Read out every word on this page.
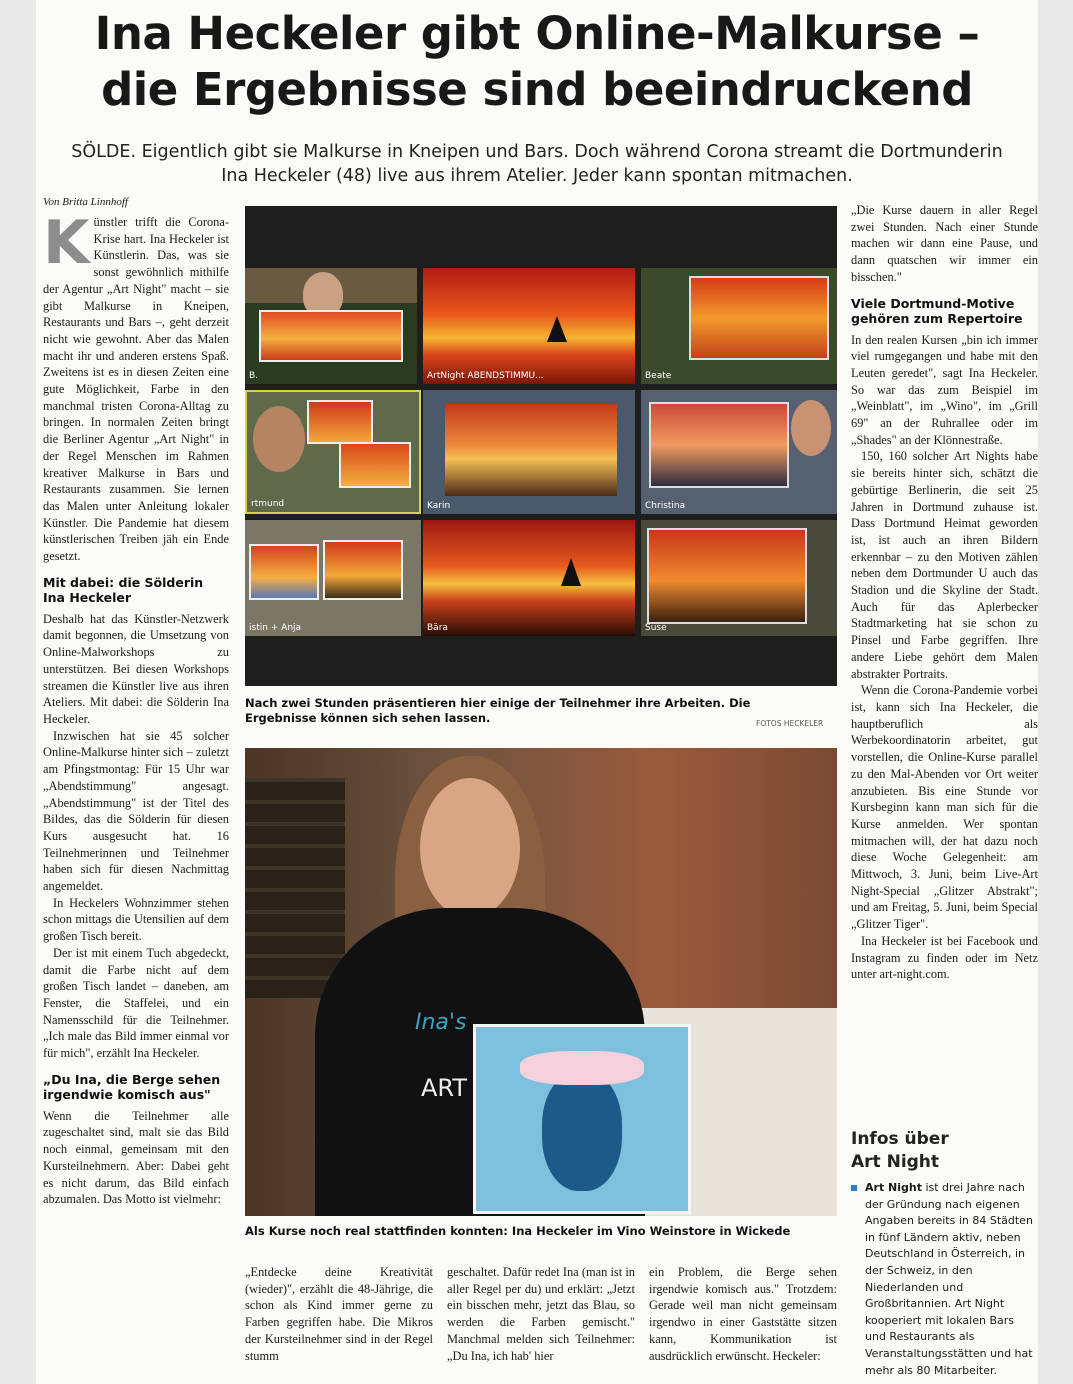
Ina Heckeler gibt Online-Malkurse –
die Ergebnisse sind beeindruckend
SÖLDE. Eigentlich gibt sie Malkurse in Kneipen und Bars. Doch während Corona streamt die Dortmunderin
Ina Heckeler (48) live aus ihrem Atelier. Jeder kann spontan mitmachen.
Von Britta Linnhoff

Künstler trifft die Corona-Krise hart. Ina Heckeler ist Künstlerin. Das, was sie sonst gewöhnlich mithilfe der Agentur „Art Night" macht – sie gibt Malkurse in Kneipen, Restaurants und Bars –, geht derzeit nicht wie gewohnt. Aber das Malen macht ihr und anderen erstens Spaß. Zweitens ist es in diesen Zeiten eine gute Möglichkeit, Farbe in den manchmal tristen Corona-Alltag zu bringen. In normalen Zeiten bringt die Berliner Agentur „Art Night" in der Regel Menschen im Rahmen kreativer Malkurse in Bars und Restaurants zusammen. Sie lernen das Malen unter Anleitung lokaler Künstler. Die Pandemie hat diesem künstlerischen Treiben jäh ein Ende gesetzt.

Mit dabei: die Sölderin Ina Heckeler

Deshalb hat das Künstler-Netzwerk damit begonnen, die Umsetzung von Online-Malworkshops zu unterstützen. Bei diesen Workshops streamen die Künstler live aus ihren Ateliers. Mit dabei: die Sölderin Ina Heckeler.

Inzwischen hat sie 45 solcher Online-Malkurse hinter sich – zuletzt am Pfingstmontag: Für 15 Uhr war „Abendstimmung" angesagt. „Abendstimmung" ist der Titel des Bildes, das die Sölderin für diesen Kurs ausgesucht hat. 16 Teilnehmerinnen und Teilnehmer haben sich für diesen Nachmittag angemeldet.

In Heckelers Wohnzimmer stehen schon mittags die Utensilien auf dem großen Tisch bereit.

Der ist mit einem Tuch abgedeckt, damit die Farbe nicht auf dem großen Tisch landet – daneben, am Fenster, die Staffelei, und ein Namensschild für die Teilnehmer. „Ich male das Bild immer einmal vor für mich", erzählt Ina Heckeler.

„Du Ina, die Berge sehen irgendwie komisch aus"

Wenn die Teilnehmer alle zugeschaltet sind, malt sie das Bild noch einmal, gemeinsam mit den Kursteilnehmern. Aber: Dabei geht es nicht darum, das Bild einfach abzumalen. Das Motto ist vielmehr:

B.	ArtNight ABENDSTIMMU...	Beate
rtmund	Karin	Christina
istin + Anja	Bära	Suse
Nach zwei Stunden präsentieren hier einige der Teilnehmer ihre Arbeiten. Die Ergebnisse können sich sehen lassen.	FOTOS HECKELER
Ina's
ART
Als Kurse noch real stattfinden konnten: Ina Heckeler im Vino Weinstore in Wickede
„Entdecke deine Kreativität (wieder)", erzählt die 48-Jährige, die schon als Kind immer gerne zu Farben gegriffen habe. Die Mikros der Kursteilnehmer sind in der Regel stumm
geschaltet. Dafür redet Ina (man ist in aller Regel per du) und erklärt: „Jetzt ein bisschen mehr, jetzt das Blau, so werden die Farben gemischt." Manchmal melden sich Teilnehmer: „Du Ina, ich hab' hier
ein Problem, die Berge sehen irgendwie komisch aus." Trotzdem: Gerade weil man nicht gemeinsam irgendwo in einer Gaststätte sitzen kann, Kommunikation ist ausdrücklich erwünscht. Heckeler:

„Die Kurse dauern in aller Regel zwei Stunden. Nach einer Stunde machen wir dann eine Pause, und dann quatschen wir immer ein bisschen."

Viele Dortmund-Motive gehören zum Repertoire

In den realen Kursen „bin ich immer viel rumgegangen und habe mit den Leuten geredet", sagt Ina Heckeler. So war das zum Beispiel im „Weinblatt", im „Wino", im „Grill 69" an der Ruhrallee oder im „Shades" an der Klönnestraße.

150, 160 solcher Art Nights habe sie bereits hinter sich, schätzt die gebürtige Berlinerin, die seit 25 Jahren in Dortmund zuhause ist. Dass Dortmund Heimat geworden ist, ist auch an ihren Bildern erkennbar – zu den Motiven zählen neben dem Dortmunder U auch das Stadion und die Skyline der Stadt. Auch für das Aplerbecker Stadtmarketing hat sie schon zu Pinsel und Farbe gegriffen. Ihre andere Liebe gehört dem Malen abstrakter Portraits.

Wenn die Corona-Pandemie vorbei ist, kann sich Ina Heckeler, die hauptberuflich als Werbekoordinatorin arbeitet, gut vorstellen, die Online-Kurse parallel zu den Mal-Abenden vor Ort weiter anzubieten. Bis eine Stunde vor Kursbeginn kann man sich für die Kurse anmelden. Wer spontan mitmachen will, der hat dazu noch diese Woche Gelegenheit: am Mittwoch, 3. Juni, beim Live-Art Night-Special „Glitzer Abstrakt"; und am Freitag, 5. Juni, beim Special „Glitzer Tiger".

Ina Heckeler ist bei Facebook und Instagram zu finden oder im Netz unter art-night.com.

Infos über
Art Night
Art Night ist drei Jahre nach der Gründung nach eigenen Angaben bereits in 84 Städten in fünf Ländern aktiv, neben Deutschland in Österreich, in der Schweiz, in den Niederlanden und Großbritannien. Art Night kooperiert mit lokalen Bars und Restaurants als Veranstaltungsstätten und hat mehr als 80 Mitarbeiter.
